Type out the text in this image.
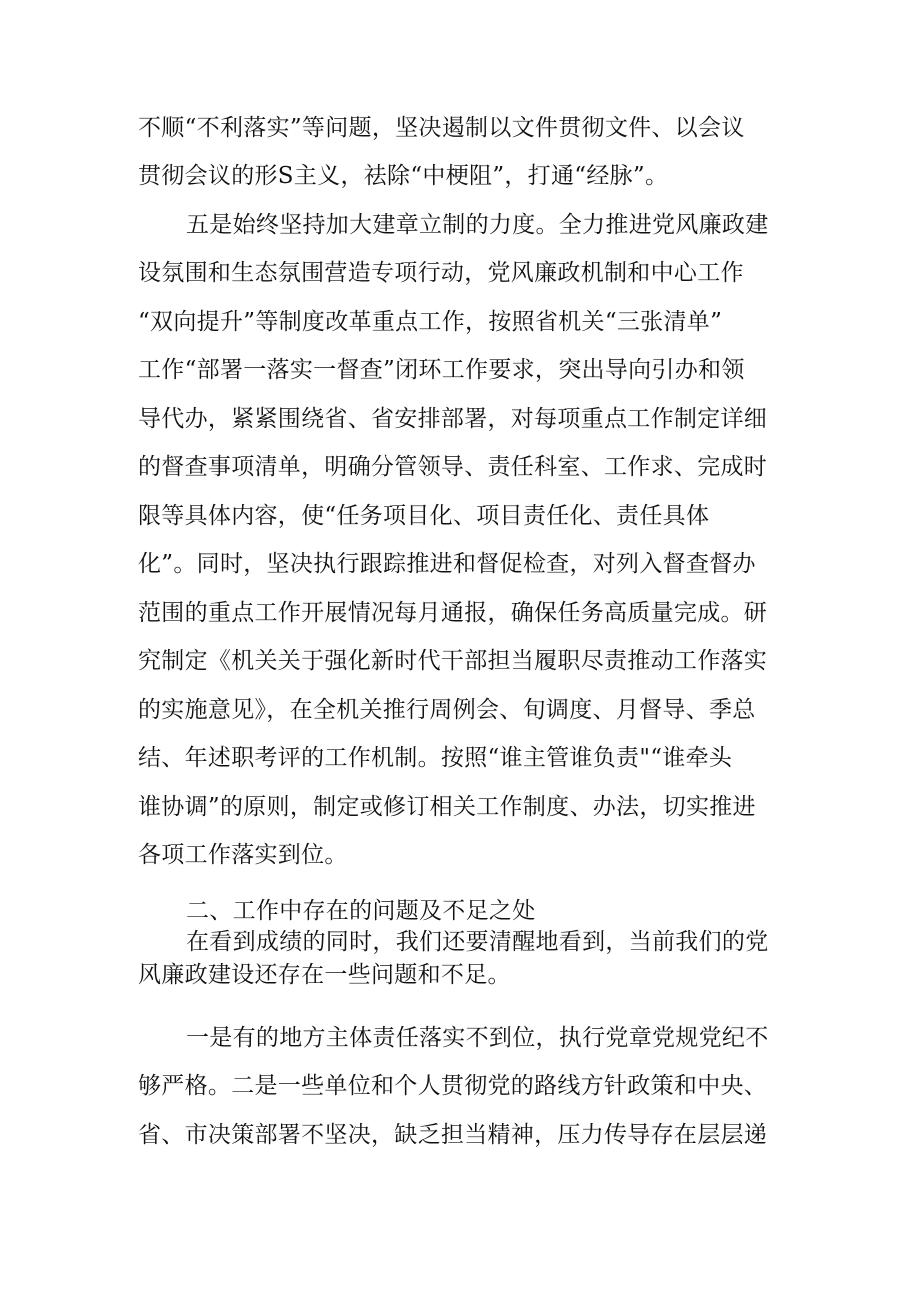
不顺“不利落实”等问题，坚决遏制以文件贯彻文件、以会议
贯彻会议的形S主义，祛除“中梗阻”，打通“经脉”。
五是始终坚持加大建章立制的力度。全力推进党风廉政建
设氛围和生态氛围营造专项行动，党风廉政机制和中心工作
“双向提升”等制度改革重点工作，按照省机关“三张清单”
工作“部署一落实一督查”闭环工作要求，突出导向引办和领
导代办，紧紧围绕省、省安排部署，对每项重点工作制定详细
的督查事项清单，明确分管领导、责任科室、工作求、完成时
限等具体内容，使“任务项目化、项目责任化、责任具体
化”。同时，坚决执行跟踪推进和督促检查，对列入督查督办
范围的重点工作开展情况每月通报，确保任务高质量完成。研
究制定《机关关于强化新时代干部担当履职尽责推动工作落实
的实施意见》，在全机关推行周例会、旬调度、月督导、季总
结、年述职考评的工作机制。按照“谁主管谁负责"“谁牵头
谁协调”的原则，制定或修订相关工作制度、办法，切实推进
各项工作落实到位。
二、工作中存在的问题及不足之处
在看到成绩的同时，我们还要清醒地看到，当前我们的党
风廉政建设还存在一些问题和不足。
一是有的地方主体责任落实不到位，执行党章党规党纪不
够严格。二是一些单位和个人贯彻党的路线方针政策和中央、
省、市决策部署不坚决，缺乏担当精神，压力传导存在层层递
